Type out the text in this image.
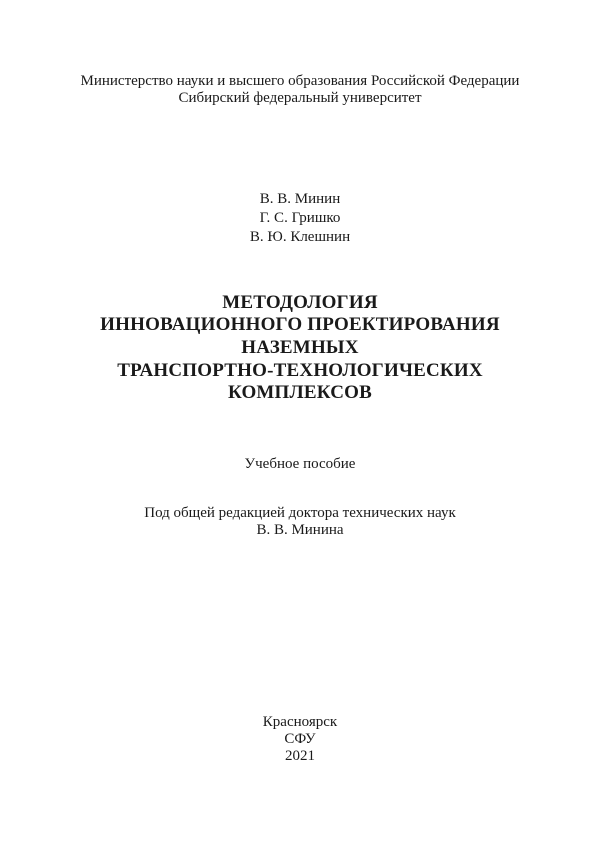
Министерство науки и высшего образования Российской Федерации
Сибирский федеральный университет
В. В. Минин
Г. С. Гришко
В. Ю. Клешнин
МЕТОДОЛОГИЯ
ИННОВАЦИОННОГО ПРОЕКТИРОВАНИЯ
НАЗЕМНЫХ
ТРАНСПОРТНО-ТЕХНОЛОГИЧЕСКИХ
КОМПЛЕКСОВ
Учебное пособие
Под общей редакцией доктора технических наук
В. В. Минина
Красноярск
СФУ
2021
